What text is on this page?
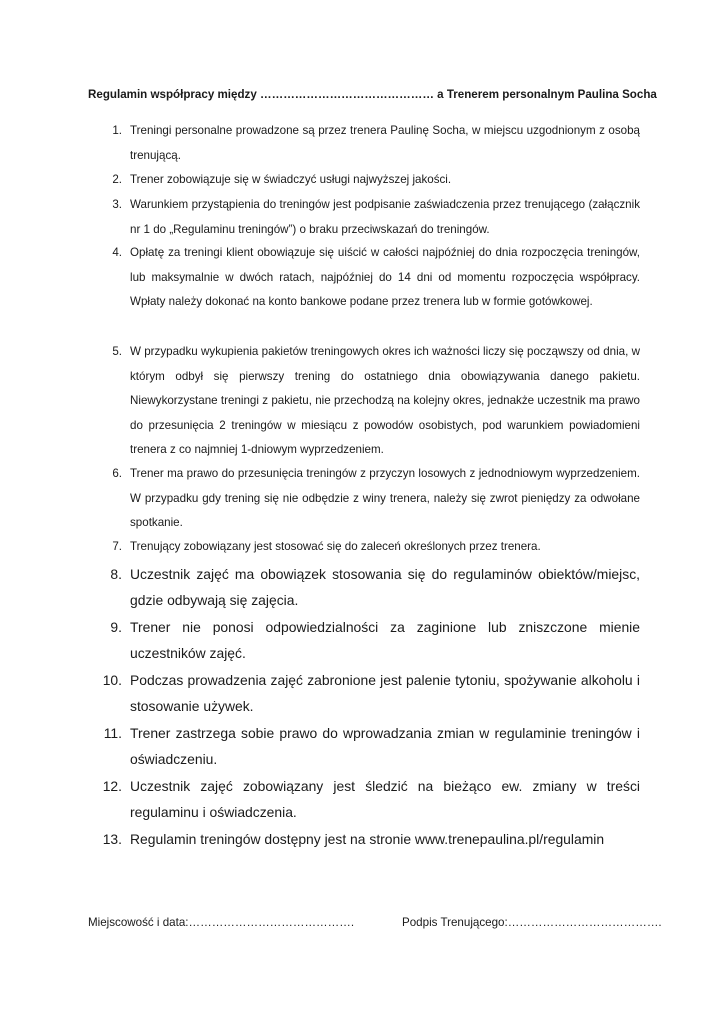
Regulamin współpracy między ……………………………………… a Trenerem personalnym Paulina Socha
1. Treningi personalne prowadzone są przez trenera Paulinę Socha, w miejscu uzgodnionym z osobą trenującą.
2. Trener zobowiązuje się w świadczyć usługi najwyższej jakości.
3. Warunkiem przystąpienia do treningów jest podpisanie zaświadczenia przez trenującego (załącznik nr 1 do „Regulaminu treningów”) o braku przeciwskazań do treningów.
4. Opłatę za treningi klient obowiązuje się uiścić w całości najpóźniej do dnia rozpoczęcia treningów, lub maksymalnie w dwóch ratach, najpóźniej do 14 dni od momentu rozpoczęcia współpracy. Wpłaty należy dokonać na konto bankowe podane przez trenera lub w formie gotówkowej.
5. W przypadku wykupienia pakietów treningowych okres ich ważności liczy się począwszy od dnia, w którym odbył się pierwszy trening do ostatniego dnia obowiązywania danego pakietu. Niewykorzystane treningi z pakietu, nie przechodzą na kolejny okres, jednakże uczestnik ma prawo do przesunięcia 2 treningów w miesiącu z powodów osobistych, pod warunkiem powiadomieni trenera z co najmniej 1-dniowym wyprzedzeniem.
6. Trener ma prawo do przesunięcia treningów z przyczyn losowych z jednodniowym wyprzedzeniem. W przypadku gdy trening się nie odbędzie z winy trenera, należy się zwrot pieniędzy za odwołane spotkanie.
7. Trenujący zobowiązany jest stosować się do zaleceń określonych przez trenera.
8. Uczestnik zajęć ma obowiązek stosowania się do regulaminów obiektów/miejsc, gdzie odbywają się zajęcia.
9. Trener nie ponosi odpowiedzialności za zaginione lub zniszczone mienie uczestników zajęć.
10. Podczas prowadzenia zajęć zabronione jest palenie tytoniu, spożywanie alkoholu i stosowanie używek.
11. Trener zastrzega sobie prawo do wprowadzania zmian w regulaminie treningów i oświadczeniu.
12. Uczestnik zajęć zobowiązany jest śledzić na bieżąco ew. zmiany w treści regulaminu i oświadczenia.
13. Regulamin treningów dostępny jest na stronie www.trenepaulina.pl/regulamin
Miejscowość i data:…………………………………….	Podpis Trenującego:………………………………….
